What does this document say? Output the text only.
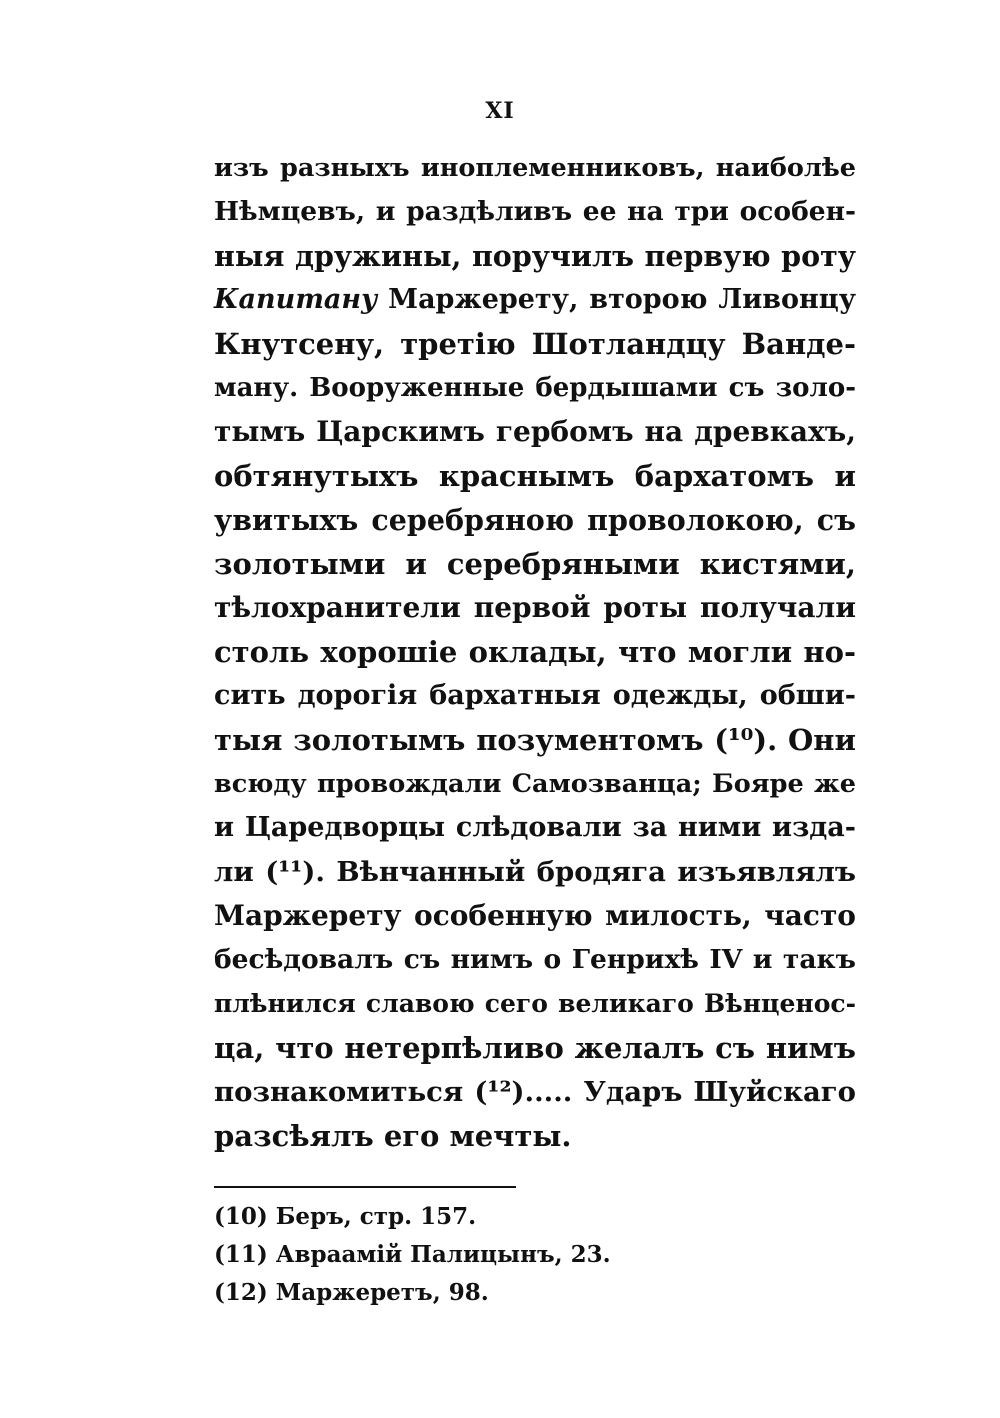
XI
изъ разныхъ иноплеменниковъ, наиболѣе
Нѣмцевъ, и раздѣливъ ее на три особен-
ныя дружины, поручилъ первую роту
Капитану Маржерету, второю Ливонцу
Кнутсену, третію Шотландцу Ванде-
ману. Вооруженные бердышами съ золо-
тымъ Царскимъ гербомъ на древкахъ,
обтянутыхъ краснымъ бархатомъ и
увитыхъ серебряною проволокою, съ
золотыми и серебряными кистями,
тѣлохранители первой роты получали
столь хорошіе оклады, что могли но-
сить дорогія бархатныя одежды, обши-
тыя золотымъ позументомъ (¹⁰). Они
всюду провождали Самозванца; Бояре же
и Царедворцы слѣдовали за ними изда-
ли (¹¹). Вѣнчанный бродяга изъявлялъ
Маржерету особенную милость, часто
бесѣдовалъ съ нимъ о Генрихѣ IV и такъ
плѣнился славою сего великаго Вѣнценос-
ца, что нетерпѣливо желалъ съ нимъ
познакомиться (¹²)..... Ударъ Шуйскаго
разсѣялъ его мечты.
(10) Беръ, стр. 157.
(11) Авраамій Палицынъ, 23.
(12) Маржеретъ, 98.
